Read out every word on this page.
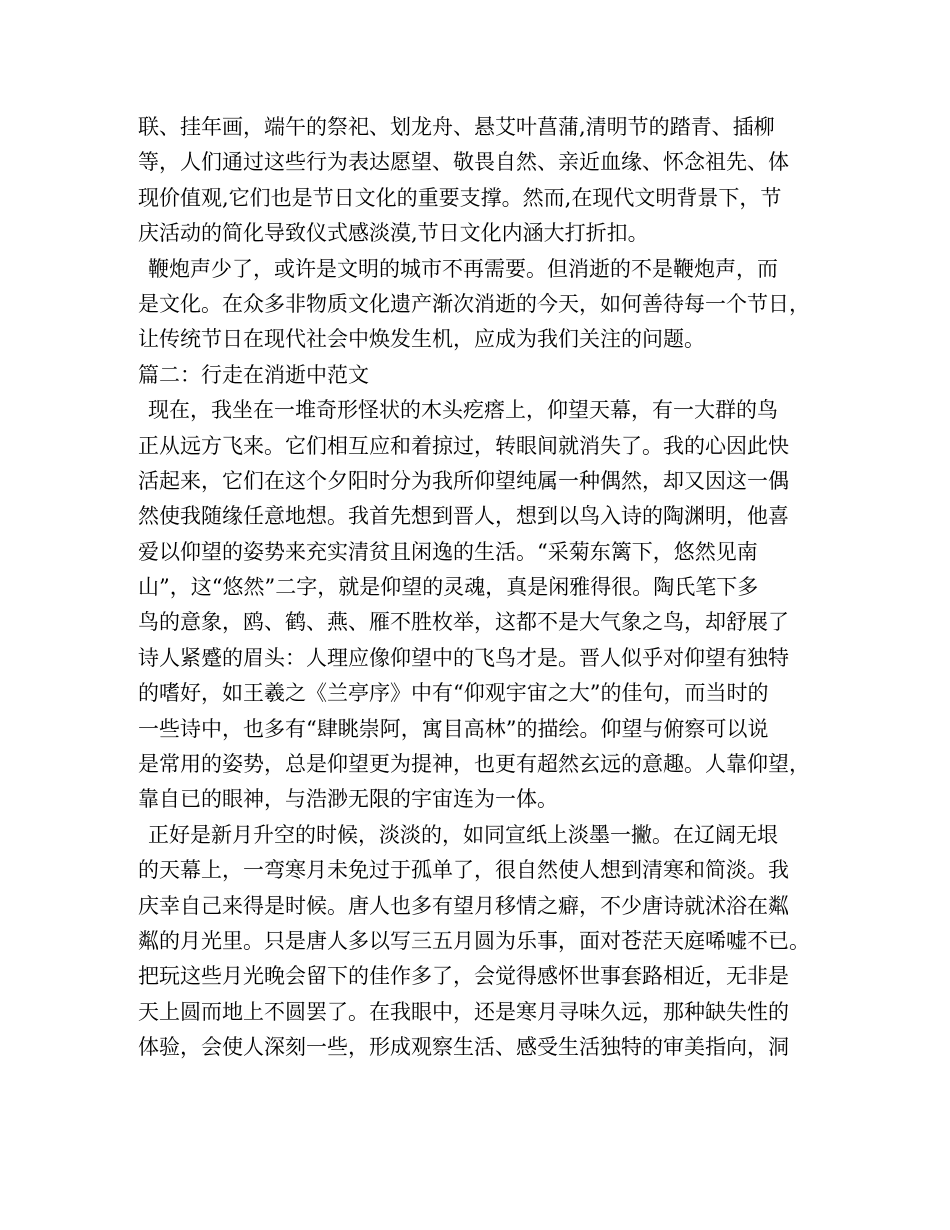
联、挂年画，端午的祭祀、划龙舟、悬艾叶菖蒲,清明节的踏青、插柳
等，人们通过这些行为表达愿望、敬畏自然、亲近血缘、怀念祖先、体
现价值观,它们也是节日文化的重要支撑。然而,在现代文明背景下，节
庆活动的简化导致仪式感淡漠,节日文化内涵大打折扣。
鞭炮声少了，或许是文明的城市不再需要。但消逝的不是鞭炮声，而
是文化。在众多非物质文化遗产渐次消逝的今天，如何善待每一个节日，
让传统节日在现代社会中焕发生机，应成为我们关注的问题。
篇二：行走在消逝中范文
现在，我坐在一堆奇形怪状的木头疙瘩上，仰望天幕，有一大群的鸟
正从远方飞来。它们相互应和着掠过，转眼间就消失了。我的心因此快
活起来，它们在这个夕阳时分为我所仰望纯属一种偶然，却又因这一偶
然使我随缘任意地想。我首先想到晋人，想到以鸟入诗的陶渊明，他喜
爱以仰望的姿势来充实清贫且闲逸的生活。“采菊东篱下，悠然见南
山”，这“悠然”二字，就是仰望的灵魂，真是闲雅得很。陶氏笔下多
鸟的意象，鸥、鹤、燕、雁不胜枚举，这都不是大气象之鸟，却舒展了
诗人紧蹙的眉头：人理应像仰望中的飞鸟才是。晋人似乎对仰望有独特
的嗜好，如王羲之《兰亭序》中有“仰观宇宙之大”的佳句，而当时的
一些诗中，也多有“肆眺崇阿，寓目高林”的描绘。仰望与俯察可以说
是常用的姿势，总是仰望更为提神，也更有超然玄远的意趣。人靠仰望，
靠自已的眼神，与浩渺无限的宇宙连为一体。
正好是新月升空的时候，淡淡的，如同宣纸上淡墨一撇。在辽阔无垠
的天幕上，一弯寒月未免过于孤单了，很自然使人想到清寒和简淡。我
庆幸自己来得是时候。唐人也多有望月移情之癖，不少唐诗就沭浴在粼
粼的月光里。只是唐人多以写三五月圆为乐事，面对苍茫天庭唏嘘不已。
把玩这些月光晚会留下的佳作多了，会觉得感怀世事套路相近，无非是
天上圆而地上不圆罢了。在我眼中，还是寒月寻味久远，那种缺失性的
体验，会使人深刻一些，形成观察生活、感受生活独特的审美指向，洞
